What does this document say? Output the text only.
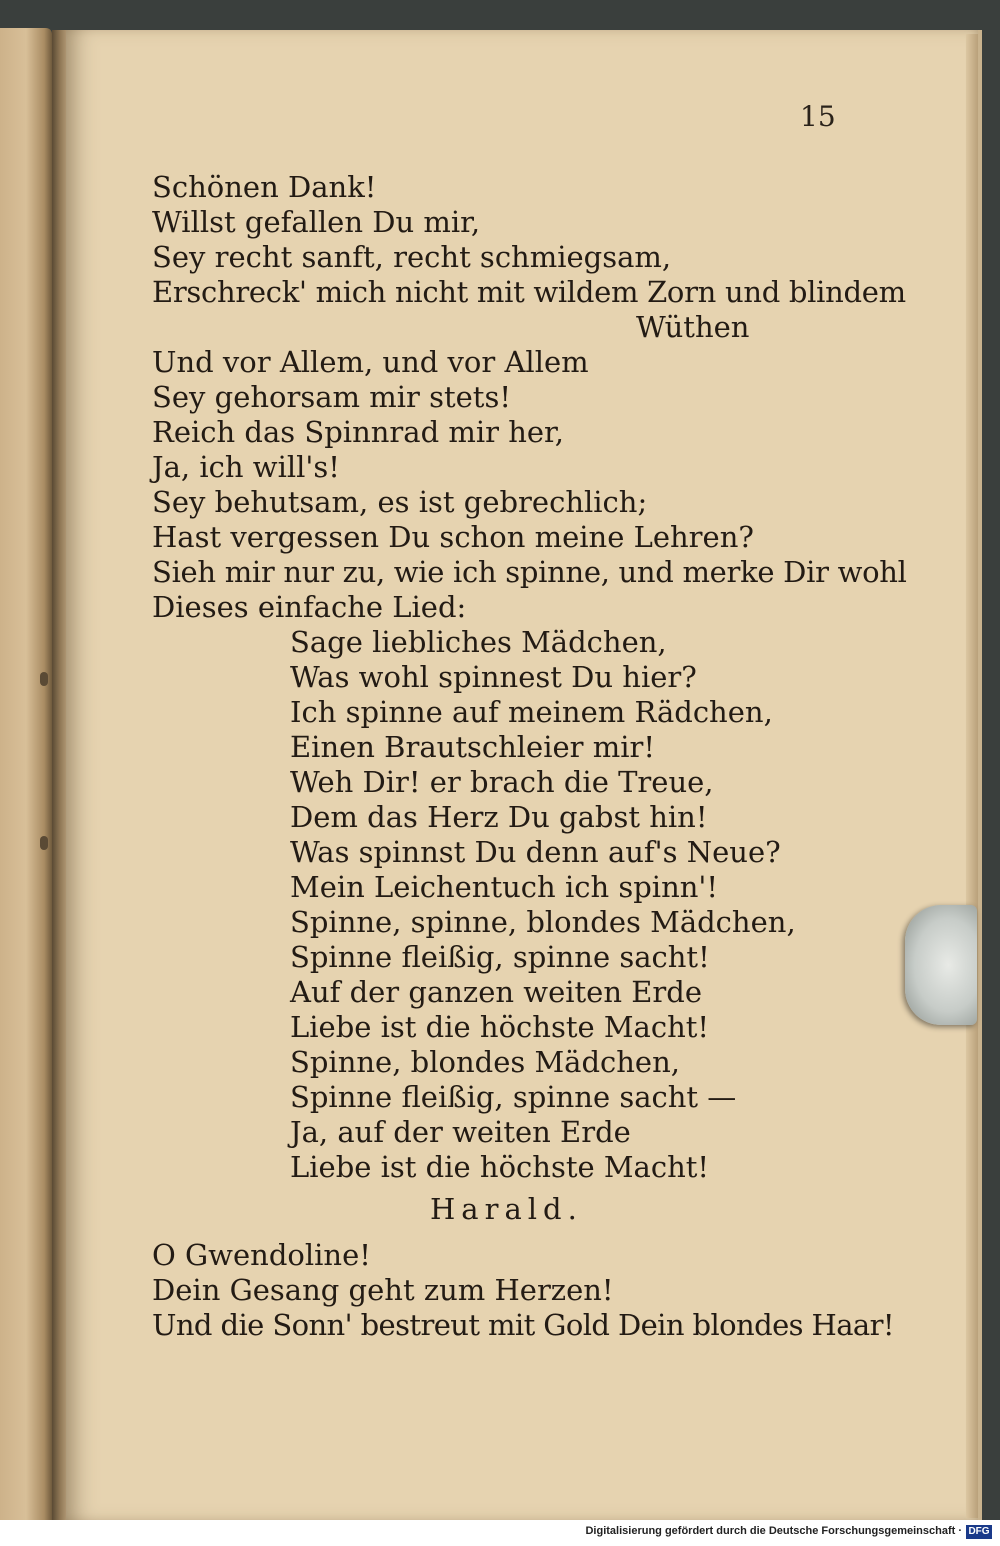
15
Schönen Dank!
Willst gefallen Du mir,
Sey recht sanft, recht schmiegsam,
Erschreck' mich nicht mit wildem Zorn und blindem
Wüthen
Und vor Allem, und vor Allem
Sey gehorsam mir stets!
Reich das Spinnrad mir her,
Ja, ich will's!
Sey behutsam, es ist gebrechlich;
Hast vergessen Du schon meine Lehren?
Sieh mir nur zu, wie ich spinne, und merke Dir wohl
Dieses einfache Lied:
Sage liebliches Mädchen,
Was wohl spinnest Du hier?
Ich spinne auf meinem Rädchen,
Einen Brautschleier mir!
Weh Dir! er brach die Treue,
Dem das Herz Du gabst hin!
Was spinnst Du denn auf's Neue?
Mein Leichentuch ich spinn'!
Spinne, spinne, blondes Mädchen,
Spinne fleißig, spinne sacht!
Auf der ganzen weiten Erde
Liebe ist die höchste Macht!
Spinne, blondes Mädchen,
Spinne fleißig, spinne sacht —
Ja, auf der weiten Erde
Liebe ist die höchste Macht!
Harald.
O Gwendoline!
Dein Gesang geht zum Herzen!
Und die Sonn' bestreut mit Gold Dein blondes Haar!
Digitalisierung gefördert durch die Deutsche Forschungsgemeinschaft · DFG
